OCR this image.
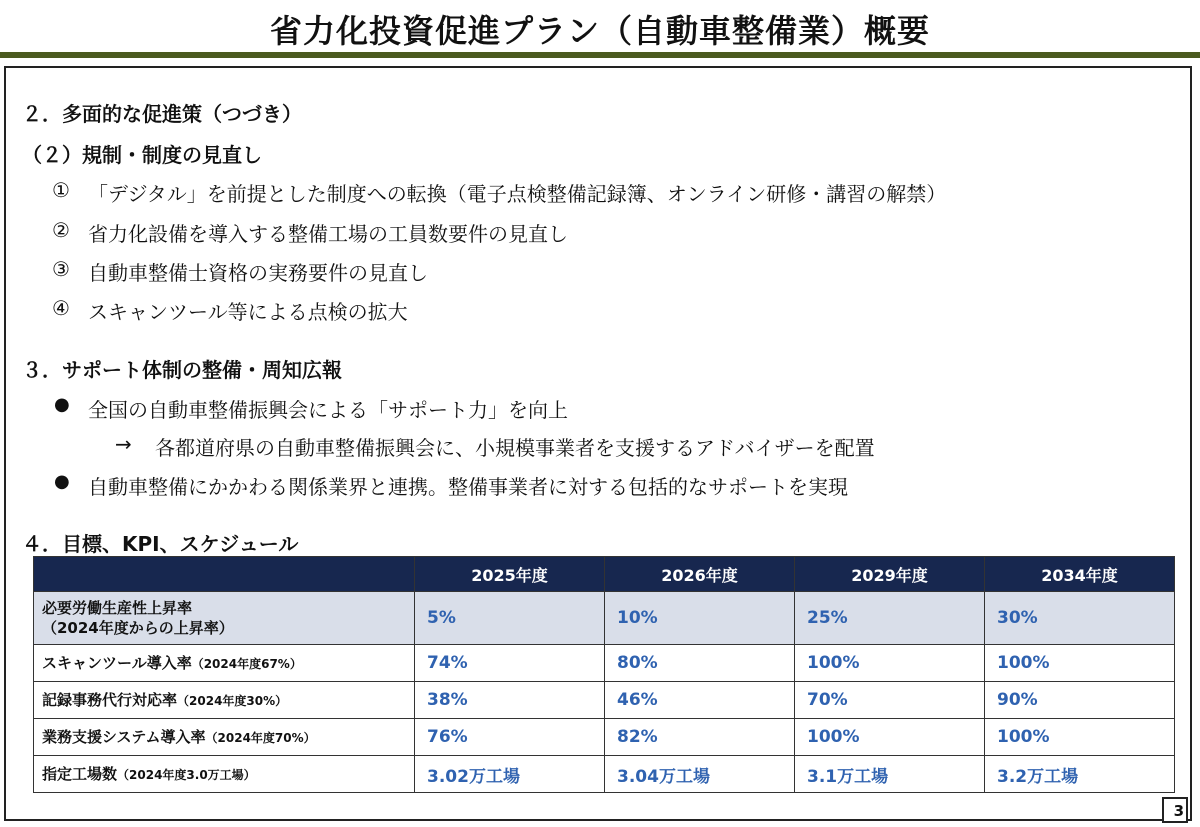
省力化投資促進プラン（自動車整備業）概要
２．多面的な促進策（つづき）
（２）規制・制度の見直し
① 「デジタル」を前提とした制度への転換（電子点検整備記録簿、オンライン研修・講習の解禁）
② 省力化設備を導入する整備工場の工員数要件の見直し
③ 自動車整備士資格の実務要件の見直し
④ スキャンツール等による点検の拡大
３．サポート体制の整備・周知広報
● 全国の自動車整備振興会による「サポート力」を向上
→ 各都道府県の自動車整備振興会に、小規模事業者を支援するアドバイザーを配置
● 自動車整備にかかわる関係業界と連携。整備事業者に対する包括的なサポートを実現
４．目標、KPI、スケジュール
	2025年度	2026年度	2029年度	2034年度

必要労働生産性上昇率
（2024年度からの上昇率）	5%	10%	25%	30%
スキャンツール導入率（2024年度67%）	74%	80%	100%	100%
記録事務代行対応率（2024年度30%）	38%	46%	70%	90%
業務支援システム導入率（2024年度70%）	76%	82%	100%	100%
指定工場数（2024年度3.0万工場）	3.02万工場	3.04万工場	3.1万工場	3.2万工場
3
